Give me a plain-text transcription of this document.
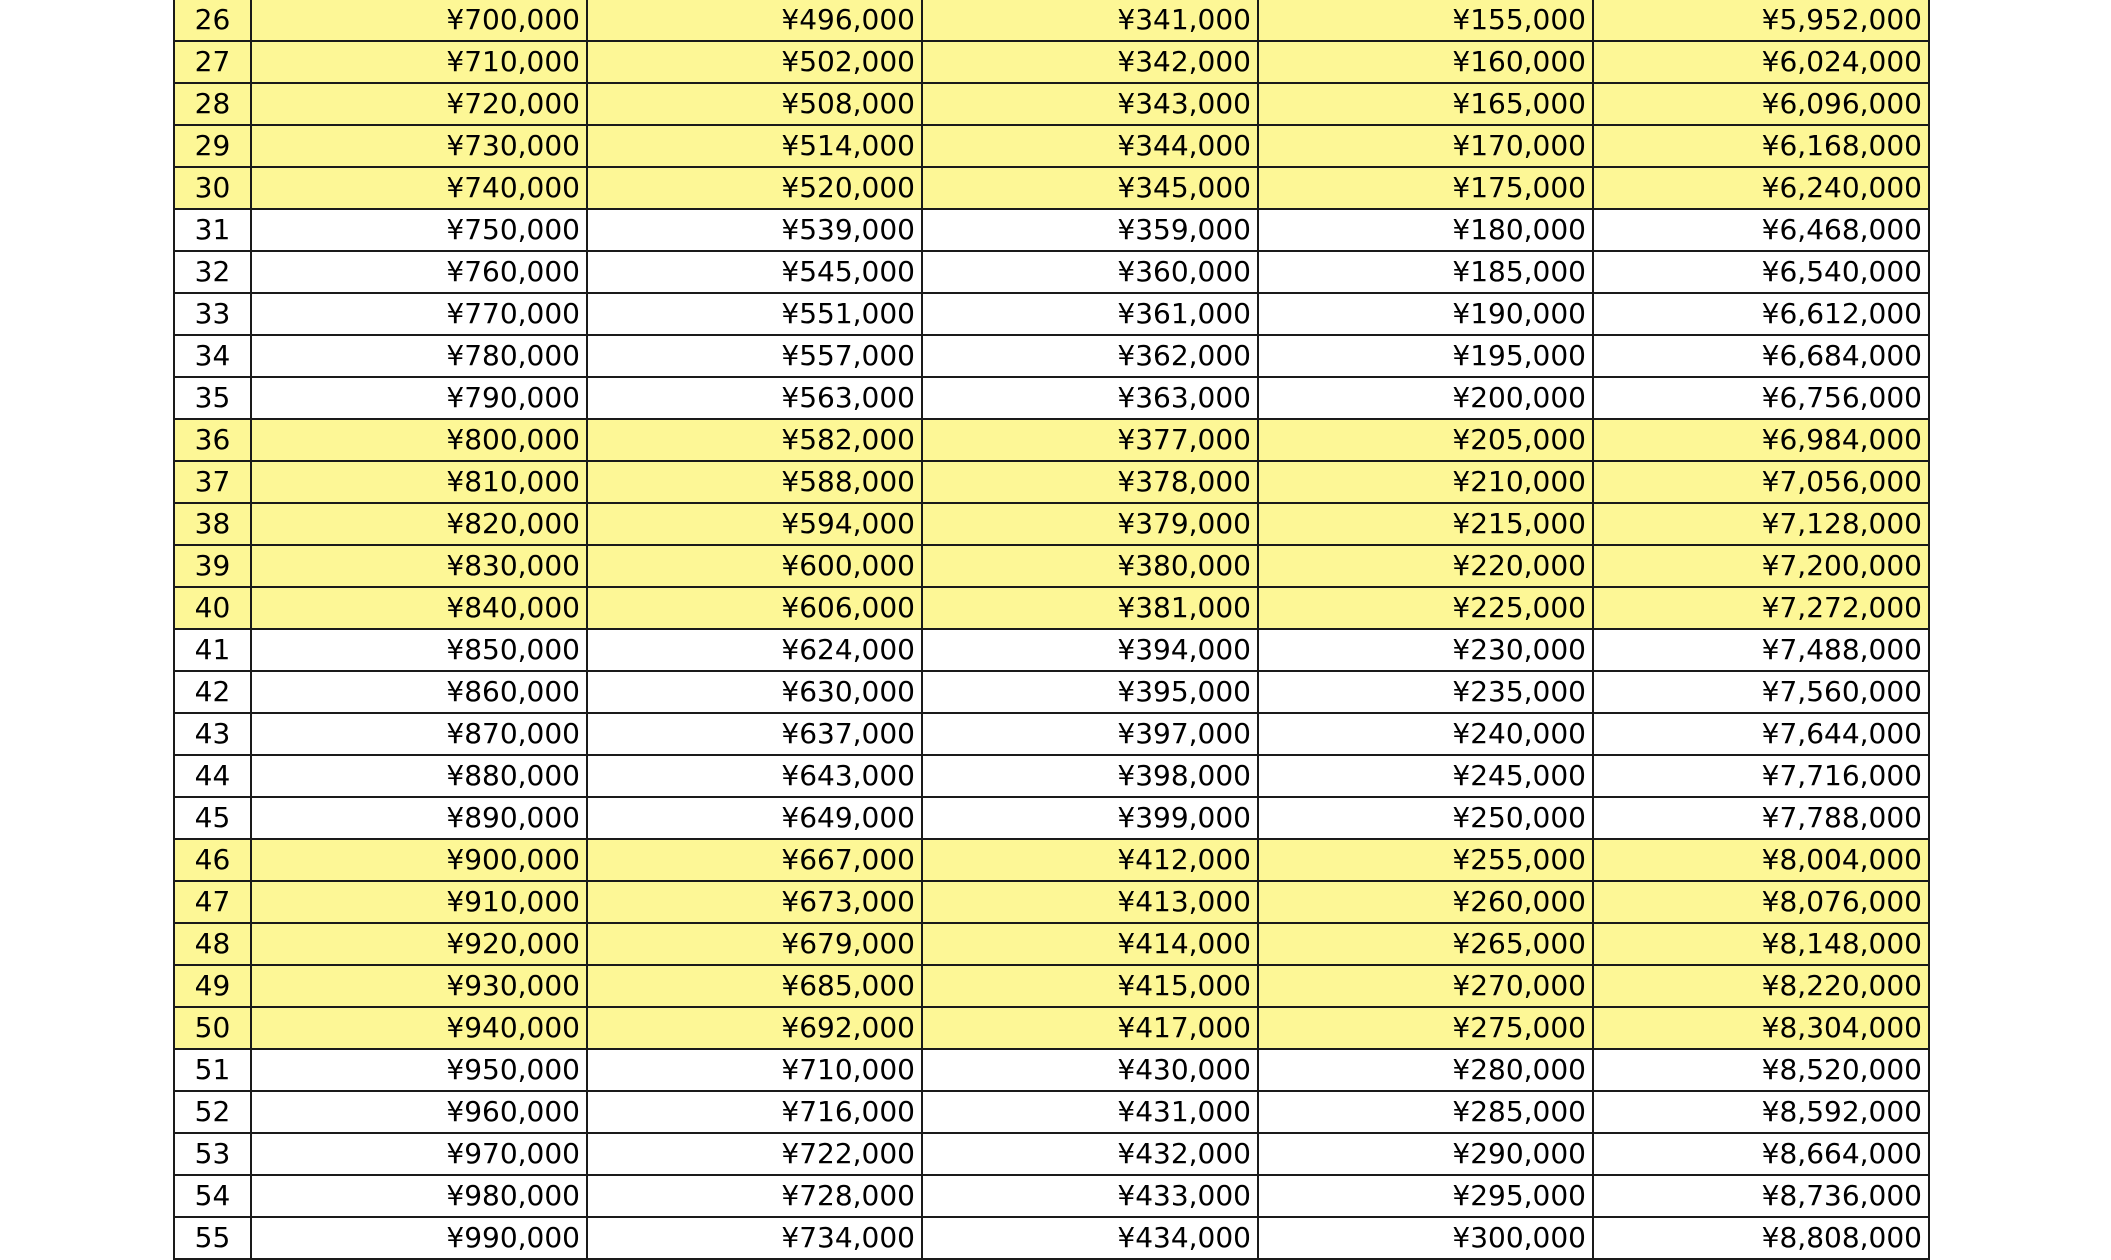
26	¥700,000	¥496,000	¥341,000	¥155,000	¥5,952,000
27	¥710,000	¥502,000	¥342,000	¥160,000	¥6,024,000
28	¥720,000	¥508,000	¥343,000	¥165,000	¥6,096,000
29	¥730,000	¥514,000	¥344,000	¥170,000	¥6,168,000
30	¥740,000	¥520,000	¥345,000	¥175,000	¥6,240,000
31	¥750,000	¥539,000	¥359,000	¥180,000	¥6,468,000
32	¥760,000	¥545,000	¥360,000	¥185,000	¥6,540,000
33	¥770,000	¥551,000	¥361,000	¥190,000	¥6,612,000
34	¥780,000	¥557,000	¥362,000	¥195,000	¥6,684,000
35	¥790,000	¥563,000	¥363,000	¥200,000	¥6,756,000
36	¥800,000	¥582,000	¥377,000	¥205,000	¥6,984,000
37	¥810,000	¥588,000	¥378,000	¥210,000	¥7,056,000
38	¥820,000	¥594,000	¥379,000	¥215,000	¥7,128,000
39	¥830,000	¥600,000	¥380,000	¥220,000	¥7,200,000
40	¥840,000	¥606,000	¥381,000	¥225,000	¥7,272,000
41	¥850,000	¥624,000	¥394,000	¥230,000	¥7,488,000
42	¥860,000	¥630,000	¥395,000	¥235,000	¥7,560,000
43	¥870,000	¥637,000	¥397,000	¥240,000	¥7,644,000
44	¥880,000	¥643,000	¥398,000	¥245,000	¥7,716,000
45	¥890,000	¥649,000	¥399,000	¥250,000	¥7,788,000
46	¥900,000	¥667,000	¥412,000	¥255,000	¥8,004,000
47	¥910,000	¥673,000	¥413,000	¥260,000	¥8,076,000
48	¥920,000	¥679,000	¥414,000	¥265,000	¥8,148,000
49	¥930,000	¥685,000	¥415,000	¥270,000	¥8,220,000
50	¥940,000	¥692,000	¥417,000	¥275,000	¥8,304,000
51	¥950,000	¥710,000	¥430,000	¥280,000	¥8,520,000
52	¥960,000	¥716,000	¥431,000	¥285,000	¥8,592,000
53	¥970,000	¥722,000	¥432,000	¥290,000	¥8,664,000
54	¥980,000	¥728,000	¥433,000	¥295,000	¥8,736,000
55	¥990,000	¥734,000	¥434,000	¥300,000	¥8,808,000
